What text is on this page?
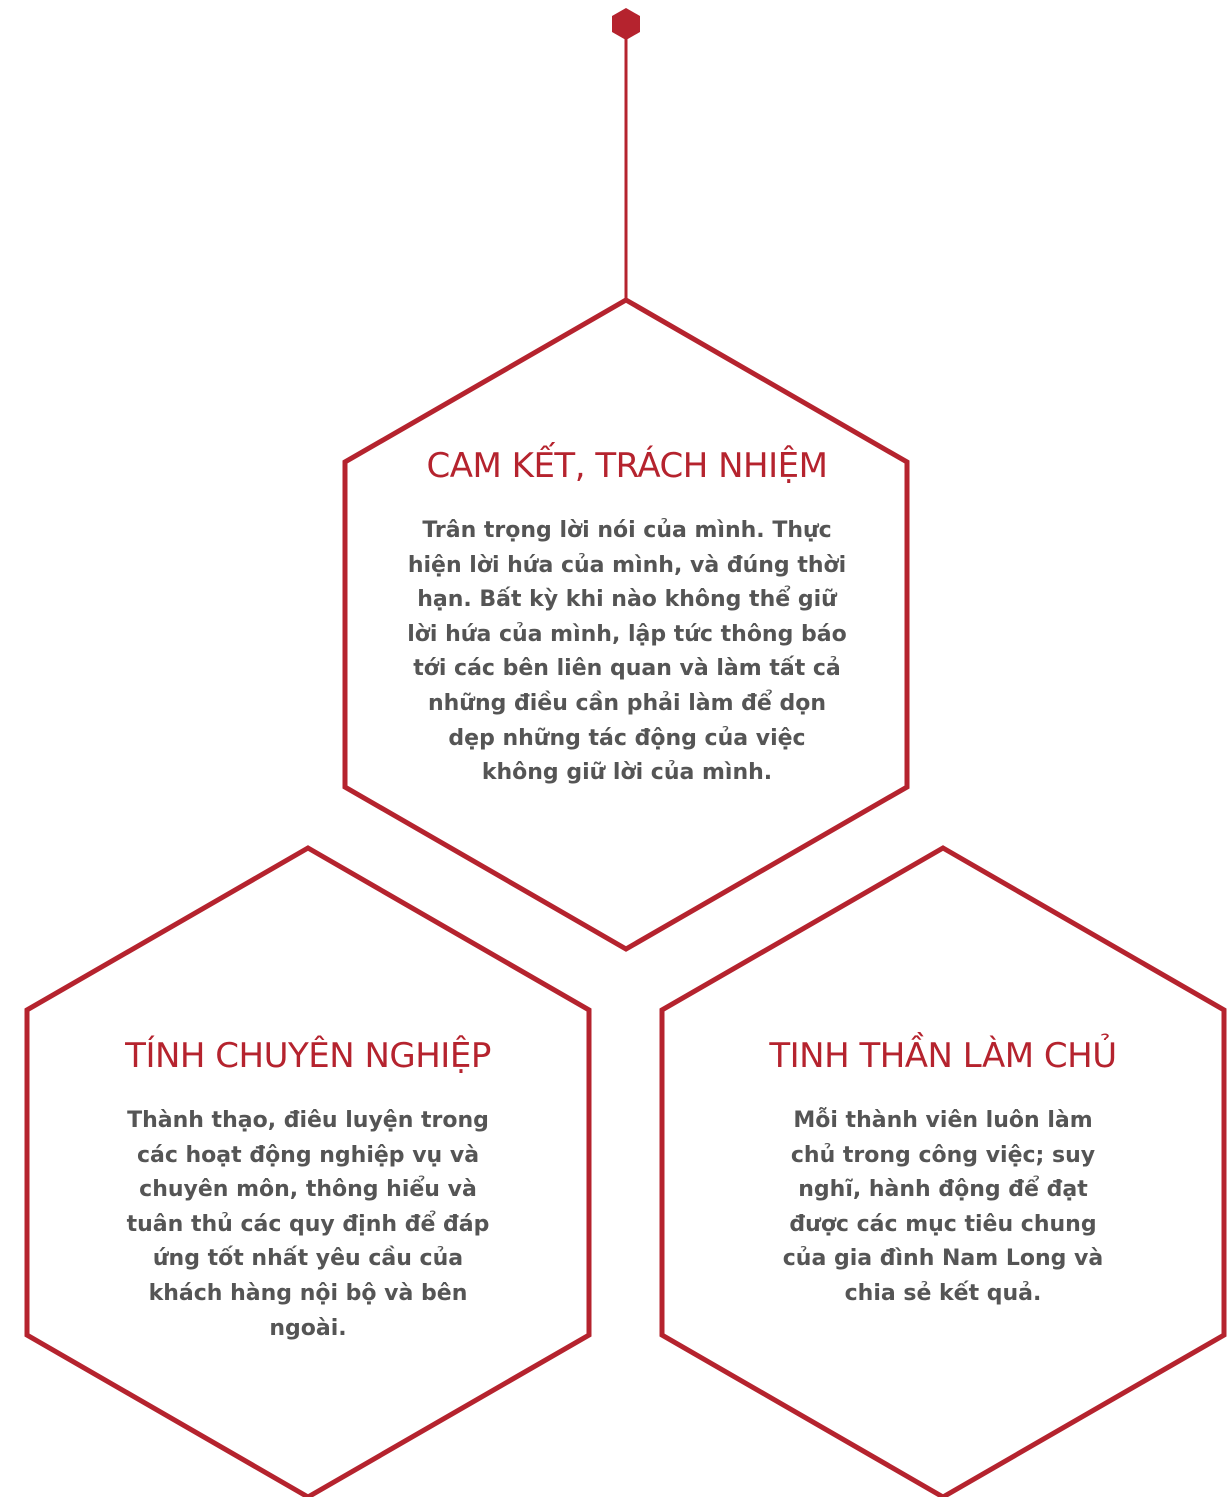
CAM KẾT, TRÁCH NHIỆM

Trân trọng lời nói của mình. Thực hiện lời hứa của mình, và đúng thời hạn. Bất kỳ khi nào không thể giữ lời hứa của mình, lập tức thông báo tới các bên liên quan và làm tất cả những điều cần phải làm để dọn dẹp những tác động của việc không giữ lời của mình.

TÍNH CHUYÊN NGHIỆP

Thành thạo, điêu luyện trong các hoạt động nghiệp vụ và chuyên môn, thông hiểu và tuân thủ các quy định để đáp ứng tốt nhất yêu cầu của khách hàng nội bộ và bên ngoài.

TINH THẦN LÀM CHỦ

Mỗi thành viên luôn làm chủ trong công việc; suy nghĩ, hành động để đạt được các mục tiêu chung của gia đình Nam Long và chia sẻ kết quả.
